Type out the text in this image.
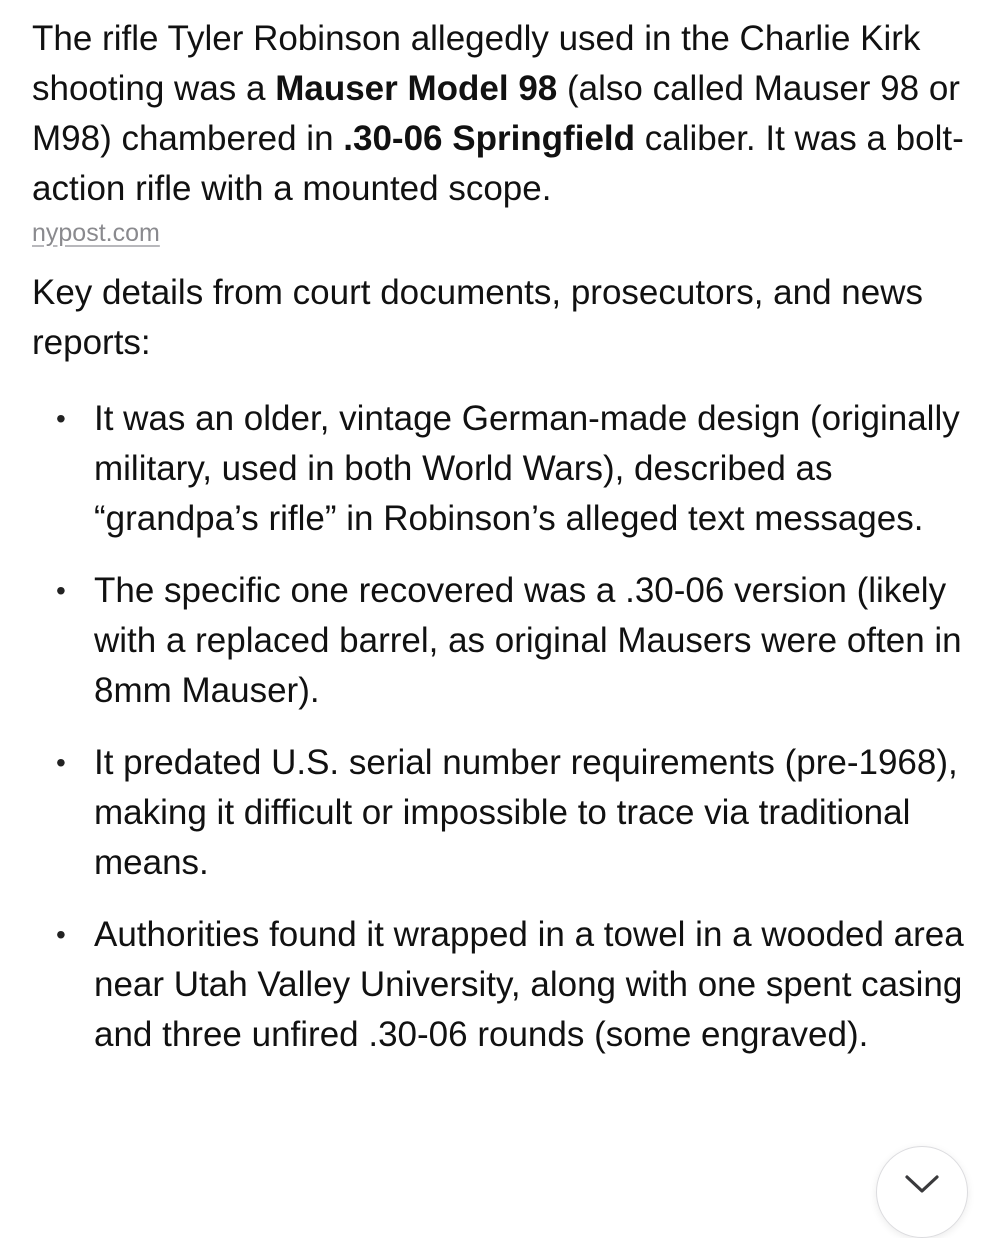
The rifle Tyler Robinson allegedly used in the Charlie Kirk shooting was a Mauser Model 98 (also called Mauser 98 or M98) chambered in .30-06 Springfield caliber. It was a bolt-action rifle with a mounted scope.

nypost.com

Key details from court documents, prosecutors, and news reports:

• It was an older, vintage German-made design (originally military, used in both World Wars), described as “grandpa’s rifle” in Robinson’s alleged text messages.
• The specific one recovered was a .30-06 version (likely with a replaced barrel, as original Mausers were often in 8mm Mauser).
• It predated U.S. serial number requirements (pre-1968), making it difficult or impossible to trace via traditional means.
• Authorities found it wrapped in a towel in a wooded area near Utah Valley University, along with one spent casing and three unfired .30-06 rounds (some engraved).
